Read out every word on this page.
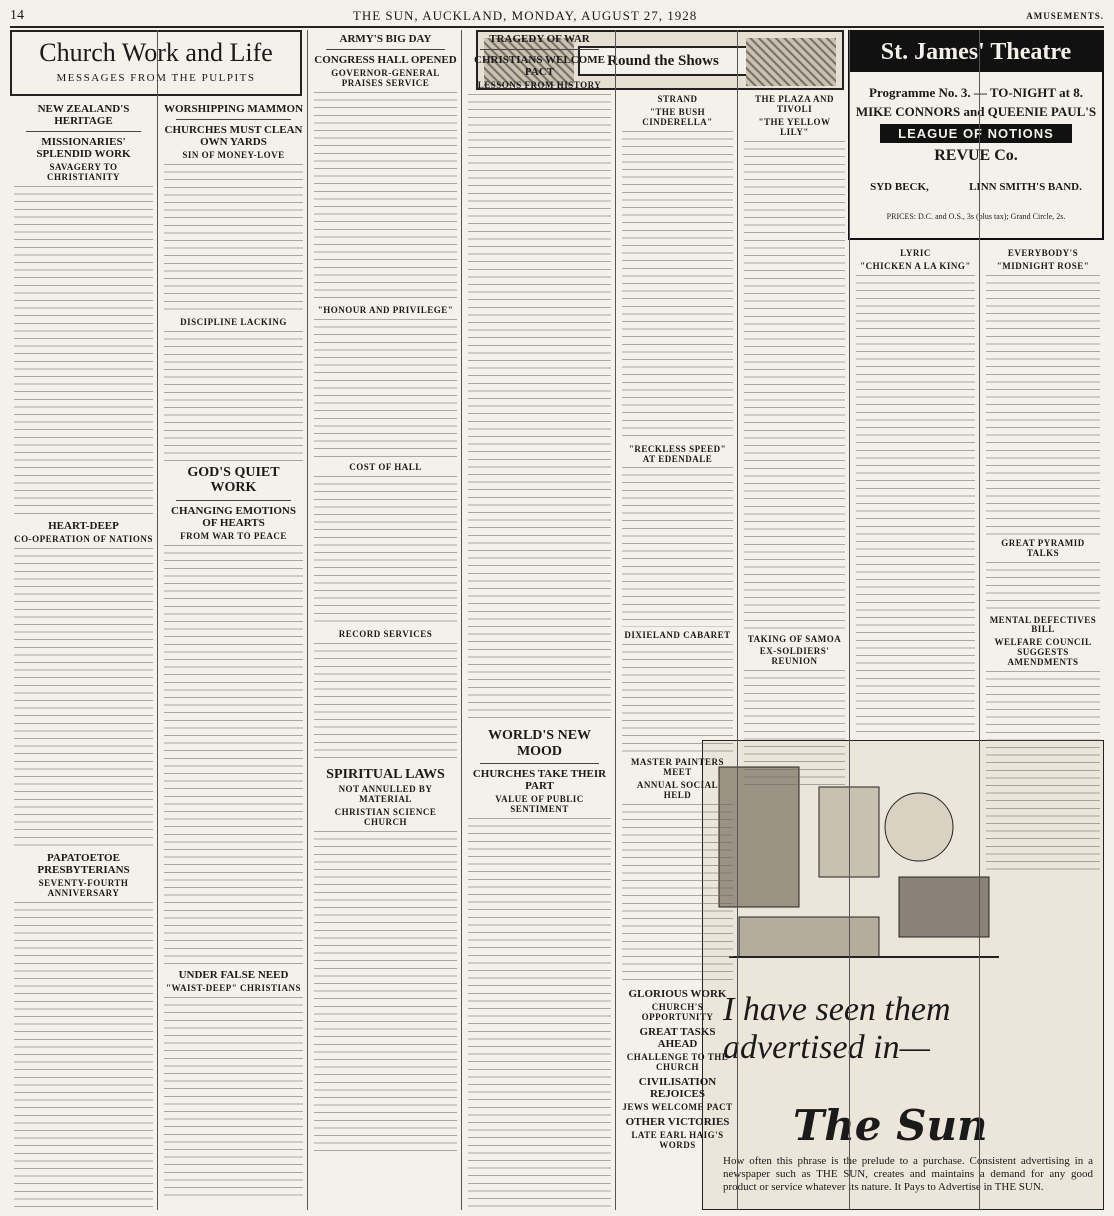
14	THE SUN, AUCKLAND, MONDAY, AUGUST 27, 1928	AMUSEMENTS.
Church Work and Life
MESSAGES FROM THE PULPITS
Round the Shows	St. James' Theatre
Programme No. 3. — TO-NIGHT at 8.
MIKE CONNORS and QUEENIE PAUL'S
LEAGUE OF NOTIONS
REVUE Co.
SYD BECK,	LINN SMITH'S BAND.
PRICES: D.C. and O.S., 3s (plus tax); Grand Circle, 2s.
I have seen them advertised in—
The Sun
How often this phrase is the prelude to a purchase. Consistent advertising in a newspaper such as THE SUN, creates and maintains a demand for any good product or service whatever its nature. It Pays to Advertise in THE SUN.
NEW ZEALAND'S HERITAGE
MISSIONARIES' SPLENDID WORK
SAVAGERY TO CHRISTIANITY
HEART-DEEP
CO-OPERATION OF NATIONS
PAPATOETOE PRESBYTERIANS
SEVENTY-FOURTH ANNIVERSARY
WORSHIPPING MAMMON
CHURCHES MUST CLEAN OWN YARDS
SIN OF MONEY-LOVE
DISCIPLINE LACKING
GOD'S QUIET WORK
CHANGING EMOTIONS OF HEARTS
FROM WAR TO PEACE
UNDER FALSE NEED
"WAIST-DEEP" CHRISTIANS
ARMY'S BIG DAY
CONGRESS HALL OPENED
GOVERNOR-GENERAL PRAISES SERVICE
"HONOUR AND PRIVILEGE"
COST OF HALL
RECORD SERVICES
SPIRITUAL LAWS
NOT ANNULLED BY MATERIAL
CHRISTIAN SCIENCE CHURCH
TRAGEDY OF WAR
CHRISTIANS WELCOME PACT
LESSONS FROM HISTORY
WORLD'S NEW MOOD
CHURCHES TAKE THEIR PART
VALUE OF PUBLIC SENTIMENT
STRAND
"THE BUSH CINDERELLA"
"RECKLESS SPEED" AT EDENDALE
DIXIELAND CABARET
MASTER PAINTERS MEET
ANNUAL SOCIAL HELD
GLORIOUS WORK
CHURCH'S OPPORTUNITY
GREAT TASKS AHEAD
CHALLENGE TO THE CHURCH
CIVILISATION REJOICES
JEWS WELCOME PACT
OTHER VICTORIES
LATE EARL HAIG'S WORDS
THE PLAZA AND TIVOLI
"THE YELLOW LILY"
TAKING OF SAMOA
EX-SOLDIERS' REUNION
LYRIC
"CHICKEN A LA KING"
EVERYBODY'S
"MIDNIGHT ROSE"
GREAT PYRAMID TALKS
MENTAL DEFECTIVES BILL
WELFARE COUNCIL SUGGESTS AMENDMENTS
